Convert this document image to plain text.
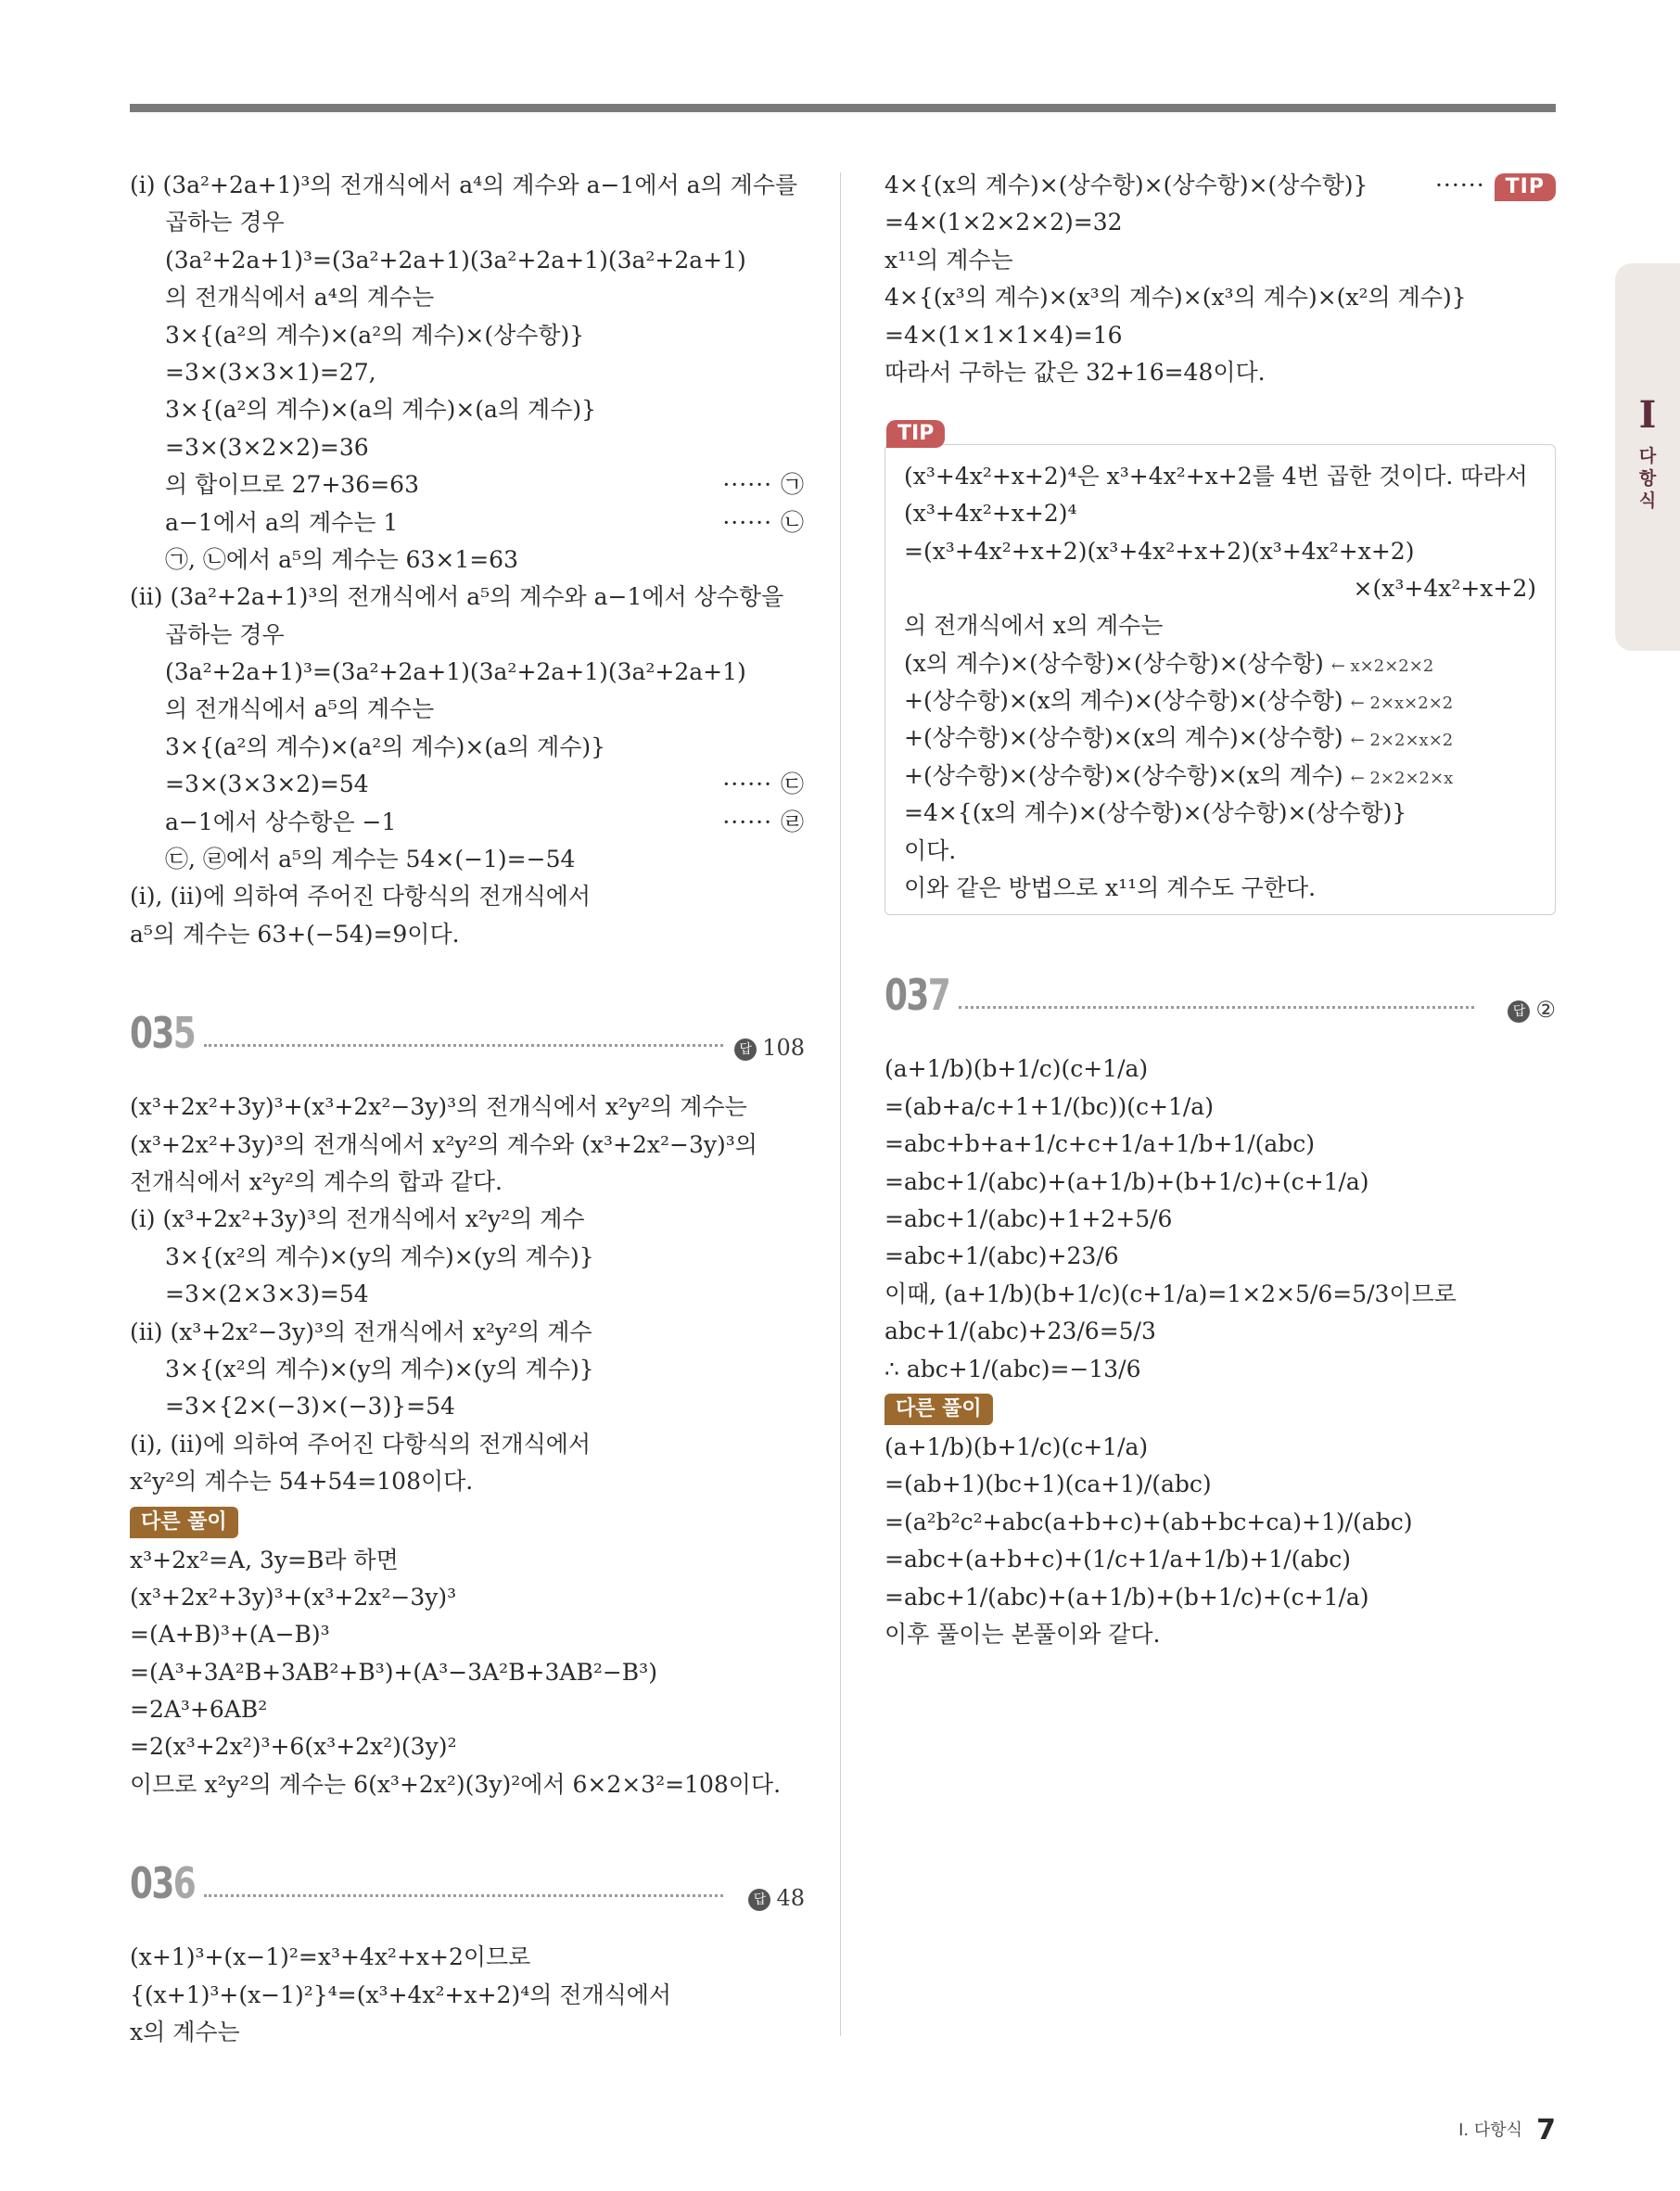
I
다
항
식
(ⅰ) (3a²+2a+1)³의 전개식에서 a⁴의 계수와 a−1에서 a의 계수를
곱하는 경우
(3a²+2a+1)³=(3a²+2a+1)(3a²+2a+1)(3a²+2a+1)
의 전개식에서 a⁴의 계수는
3×{(a²의 계수)×(a²의 계수)×(상수항)}
=3×(3×3×1)=27,
3×{(a²의 계수)×(a의 계수)×(a의 계수)}
=3×(3×2×2)=36
의 합이므로 27+36=63	······ ㉠
a−1에서 a의 계수는 1	······ ㉡
㉠, ㉡에서 a⁵의 계수는 63×1=63
(ⅱ) (3a²+2a+1)³의 전개식에서 a⁵의 계수와 a−1에서 상수항을
곱하는 경우
(3a²+2a+1)³=(3a²+2a+1)(3a²+2a+1)(3a²+2a+1)
의 전개식에서 a⁵의 계수는
3×{(a²의 계수)×(a²의 계수)×(a의 계수)}
=3×(3×3×2)=54	······ ㉢
a−1에서 상수항은 −1	······ ㉣
㉢, ㉣에서 a⁵의 계수는 54×(−1)=−54
(ⅰ), (ⅱ)에 의하여 주어진 다항식의 전개식에서
a⁵의 계수는 63+(−54)=9이다.
035	답 108
(x³+2x²+3y)³+(x³+2x²−3y)³의 전개식에서 x²y²의 계수는
(x³+2x²+3y)³의 전개식에서 x²y²의 계수와 (x³+2x²−3y)³의
전개식에서 x²y²의 계수의 합과 같다.
(ⅰ) (x³+2x²+3y)³의 전개식에서 x²y²의 계수
3×{(x²의 계수)×(y의 계수)×(y의 계수)}
=3×(2×3×3)=54
(ⅱ) (x³+2x²−3y)³의 전개식에서 x²y²의 계수
3×{(x²의 계수)×(y의 계수)×(y의 계수)}
=3×{2×(−3)×(−3)}=54
(ⅰ), (ⅱ)에 의하여 주어진 다항식의 전개식에서
x²y²의 계수는 54+54=108이다.
다른 풀이
x³+2x²=A, 3y=B라 하면
(x³+2x²+3y)³+(x³+2x²−3y)³
=(A+B)³+(A−B)³
=(A³+3A²B+3AB²+B³)+(A³−3A²B+3AB²−B³)
=2A³+6AB²
=2(x³+2x²)³+6(x³+2x²)(3y)²
이므로 x²y²의 계수는 6(x³+2x²)(3y)²에서 6×2×3²=108이다.
036	답 48
(x+1)³+(x−1)²=x³+4x²+x+2이므로
{(x+1)³+(x−1)²}⁴=(x³+4x²+x+2)⁴의 전개식에서
x의 계수는
4×{(x의 계수)×(상수항)×(상수항)×(상수항)}	······ TIP
=4×(1×2×2×2)=32
x¹¹의 계수는
4×{(x³의 계수)×(x³의 계수)×(x³의 계수)×(x²의 계수)}
=4×(1×1×1×4)=16
따라서 구하는 값은 32+16=48이다.
TIP
(x³+4x²+x+2)⁴은 x³+4x²+x+2를 4번 곱한 것이다. 따라서
(x³+4x²+x+2)⁴
=(x³+4x²+x+2)(x³+4x²+x+2)(x³+4x²+x+2)
×(x³+4x²+x+2)
의 전개식에서 x의 계수는
(x의 계수)×(상수항)×(상수항)×(상수항) ← x×2×2×2
+(상수항)×(x의 계수)×(상수항)×(상수항) ← 2×x×2×2
+(상수항)×(상수항)×(x의 계수)×(상수항) ← 2×2×x×2
+(상수항)×(상수항)×(상수항)×(x의 계수) ← 2×2×2×x
=4×{(x의 계수)×(상수항)×(상수항)×(상수항)}
이다.
이와 같은 방법으로 x¹¹의 계수도 구한다.
037	답 ②
(a+1/b)(b+1/c)(c+1/a)
=(ab+a/c+1+1/(bc))(c+1/a)
=abc+b+a+1/c+c+1/a+1/b+1/(abc)
=abc+1/(abc)+(a+1/b)+(b+1/c)+(c+1/a)
=abc+1/(abc)+1+2+5/6
=abc+1/(abc)+23/6
이때, (a+1/b)(b+1/c)(c+1/a)=1×2×5/6=5/3이므로
abc+1/(abc)+23/6=5/3
∴ abc+1/(abc)=−13/6
다른 풀이
(a+1/b)(b+1/c)(c+1/a)
=(ab+1)(bc+1)(ca+1)/(abc)
=(a²b²c²+abc(a+b+c)+(ab+bc+ca)+1)/(abc)
=abc+(a+b+c)+(1/c+1/a+1/b)+1/(abc)
=abc+1/(abc)+(a+1/b)+(b+1/c)+(c+1/a)
이후 풀이는 본풀이와 같다.
I. 다항식 7
